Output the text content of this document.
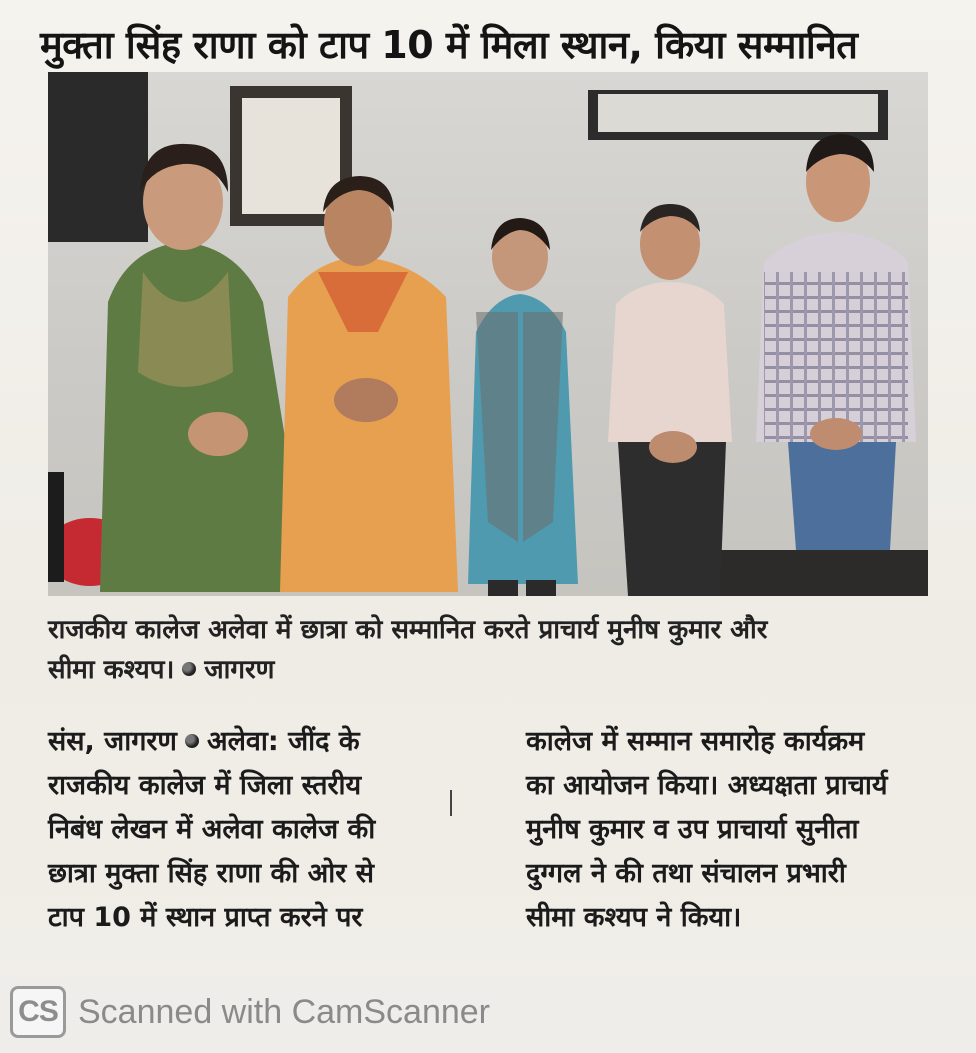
मुक्ता सिंह राणा को टाप 10 में मिला स्थान, किया सम्मानित
राजकीय कालेज अलेवा में छात्रा को सम्मानित करते प्राचार्य मुनीष कुमार और
सीमा कश्यप। जागरण
संस, जागरण अलेवा: जींद के
राजकीय कालेज में जिला स्तरीय
निबंध लेखन में अलेवा कालेज की
छात्रा मुक्ता सिंह राणा की ओर से
टाप 10 में स्थान प्राप्त करने पर
कालेज में सम्मान समारोह कार्यक्रम
का आयोजन किया। अध्यक्षता प्राचार्य
मुनीष कुमार व उप प्राचार्या सुनीता
दुग्गल ने की तथा संचालन प्रभारी
सीमा कश्यप ने किया।
CS Scanned with CamScanner
